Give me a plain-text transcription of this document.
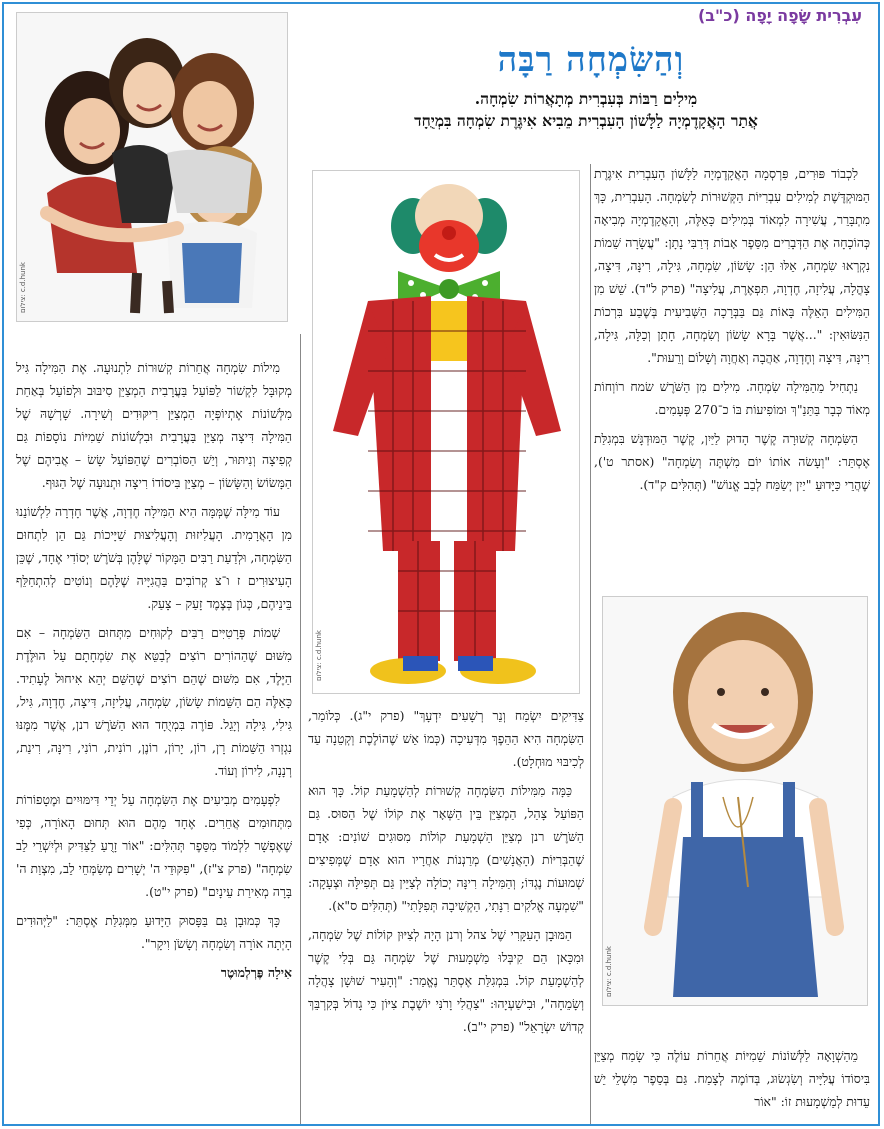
עִבְרִית שָׂפָה יָפָה (כ"ב)
וְהַשִּׂמְחָה רַבָּה
מִילִים רַבּוֹת בְּעִבְרִית מְתָאֲרוֹת שִׂמְחָה.
אֲתַר הָאֲקָדֶמְיָה לַלָּשׁוֹן הָעִבְרִית מֵבִיא אִיגֶּרֶת שִׂמְחָה בִּמְיֻחָד
צילום: c.d.hunk
צילום: c.d.hunk
צילום: c.d.hunk

לִכְבוֹד פּוּרִים, פִּרְסְמָה הָאֲקָדֶמְיָה לַלָּשׁוֹן הָעִבְרִית אִיגֶּרֶת הַמּוּקְדֶּשֶׁת לְמִילִים עִבְרִיּוֹת הַקְּשׁוּרוֹת לְשִׂמְחָה. הָעִבְרִית, כָּךְ מִתְבָּרֵר, עֲשִׁירָה לִמְאוֹד בְּמִילִים כָּאֵלֶּה, וְהָאֲקָדֶמְיָה מְבִיאָה כְּהוֹכָחָה אֶת הַדְּבָרִים מִסֵּפֶר אָבוֹת דְּרַבִּי נָתָן: "עֲשָׂרָה שֵׁמוֹת נִקְרְאוּ שִׂמְחָה, אֵלּוּ הֵן: שָׂשׂוֹן, שִׂמְחָה, גִּילָה, רִינָּה, דִּיצָה, צָהֳלָה, עֲלִיזָה, חֶדְוָה, תִּפְאֶרֶת, עֲלִיצָה" (פרק ל"ד). שֵׁשׁ מִן הַמִּילִים הָאֵלֶּה בָּאוֹת גַּם בַּבְּרָכָה הַשְּׁבִיעִית בְּשֶׁבַע בִּרְכוֹת הַנִּשּׂוּאִין: "...אֲשֶׁר בָּרָא שָׂשׂוֹן וְשִׂמְחָה, חָתָן וְכַלָּה, גִּילָה, רִינָּה, דִּיצָה וְחֶדְוָה, אַהֲבָה וְאַחֲוָה וְשָׁלוֹם וְרֵעוּת".

נַתְחִיל מֵהַמִּילָה שִׂמְחָה. מִילִים מִן הַשֹּׁרֶשׁ שׂמח רוֹוְחוֹת מְאוֹד כְּבָר בַּתַּנַ"ךְ וּמוֹפִיעוֹת בּוֹ כ־270 פְּעָמִים.

הַשִּׂמְחָה קְשׁוּרָה קֶשֶׁר הָדוּק לַיַּיִן, קֶשֶׁר הַמּוּדְגָּשׁ בִּמְגִלַּת אֶסְתֵּר: "וְעָשׂה אוֹתוֹ יוֹם מִשְׁתֶּה וְשִׂמְחָה" (אסתר ט'), שֶׁהֲרֵי כַּיָּדוּעַ "יַיִן יְשַׂמַּח לְבַב אֱנוֹשׁ" (תְּהִלִּים ק"ד).

מֵהַשְׁוָאָה לַלְּשׁוֹנוֹת שֵׁמִיּוֹת אֲחֵרוֹת עוֹלֶה כִּי שָׂמַח מְצַיֵּן בִּיסוֹדוֹ עֲלִיָּיה וְשִׂגְשׂוּג, בְּדוֹמֶה לְצָמַח. גַּם בְּסֵפֶר מִשְׁלֵי יֵשׁ עֵדוּת לְמַשְׁמָעוּת זוֹ: "אוֹר

צַדִּיקִים יִשְׂמַח וְנֵר רְשָׁעִים יִדְעָךְ" (פרק י"ג). כְּלוֹמַר, הַשִּׂמְחָה הִיא הַהֵפֶךְ מִדְּעִיכָה (כְּמוֹ אֵשׁ שֶׁהוֹלֶכֶת וְקְטֵנָה עַד לְכִיבּוּי מוּחְלָט).

כַּמָּה מִמִּילוֹת הַשִּׂמְחָה קְשׁוּרוֹת לְהַשְׁמָעַת קוֹל. כָּךְ הוּא הַפּוֹעַל צָהַל, הַמְצַיֵּן בֵּין הַשְּׁאָר אֶת קוֹלוֹ שֶׁל הַסּוּס. גַּם הַשֹּׁרֶשׁ רנן מְצַיֵּן הַשְׁמָעַת קוֹלוֹת מִסּוּגִים שׁוֹנִים: אָדָם שֶׁהַבְּרִיּוֹת (הָאֲנָשִׁים) מְרַנְנוֹת אַחֲרָיו הוּא אָדָם שֶׁמְּפִיצִים שְׁמוּעוֹת נֶגְדּוֹ; וְהַמִּילָה רִינָּה יְכוֹלָה לְצַיֵּין גַּם תְּפִילָּה וּצְעָקָה: "שִׁמְעָה אֱלֹקִים רִנָּתִי, הַקְשִׁיבָה תְּפִלָּתִי" (תְּהִלִּים ס"א).

הַמּוּבָן הָעִקָּרִי שֶׁל צהל וְרנן הָיָה לְצִיּוּן קוֹלוֹת שֶׁל שִׂמְחָה, וּמִכָּאן הֵם קִיבְּלוּ מַשְׁמָעוּת שֶׁל שִׂמְחָה גַּם בְּלִי קֶשֶׁר לְהַשְׁמָעַת קוֹל. בִּמְגִלַּת אֶסְתֵּר נֶאֱמַר: "וְהָעִיר שׁוּשָׁן צָהֲלָה וְשָׂמֵחָה", וּבִישַׁעְיָהוּ: "צַהֲלִי וָרֹנִּי יוֹשֶׁבֶת צִיּוֹן כִּי גָדוֹל בְּקִרְבֵּךְ קְדוֹשׁ יִשְׂרָאֵל" (פרק י"ב).

מִילוֹת שִׂמְחָה אֲחֵרוֹת קְשׁוּרוֹת לִתְנוּעָה. אֶת הַמִּילָה גִּיל מְקוּבָּל לִקְשׁוֹר לַפּוֹעַל בַּעֲרָבִית הַמְצַיֵּן סִיבּוּב וּלְפוֹעַל בְּאַחַת מִלְּשׁוֹנוֹת אֶתְיוֹפְּיָה הַמְצַיֵּן רִיקּוּדִים וְשִׁירָה. שָׁרְשָׁהּ שֶׁל הַמִּילָה דִּיצָה מְצַיֵּן בַּעֲרָבִית וּבִלְשׁוֹנוֹת שֵׁמִיּוֹת נוֹסָפוֹת גַּם קְפִיצָה וְנִיתּוּר, וְיֵשׁ הַסּוֹבְרִים שֶׁהַפּוֹעַל שָׂשׂ – אֲבִיהֶם שֶׁל הַמָּשׂוֹשׂ וְהַשָּׂשׂוֹן – מְצַיֵּן בִּיסוֹדוֹ רִיצָה וּתְנוּעָה שֶׁל הַגּוּף.

עוֹד מִילָּה שֶׁמְּמָּה הִיא הַמִּילָה חֶדְוָה, אֲשֶׁר חָדְרָה לִלְשׁוֹנֵנוּ מִן הָאֲרָמִית. הָעֲלִיזוּת וְהָעֲלִיצוּת שַׁיָּיכוֹת גַּם הֵן לִתְחוּם הַשִּׂמְחָה, וּלְדַעַת רַבִּים הַמָּקוֹר שֶׁלָּהֶן בְּשֹׁרֶשׁ יְסוֹדִי אֶחָד, שֶׁכֵּן הָעִיצוּרִים ז ו־צ קְרוֹבִים בַּהֲגִיָּיה שֶׁלָּהֶם וְנוֹטִים לְהִתְחַלֵּף בֵּינֵיהֶם, כְּגוֹן בְּצֶמֶד זָעַק – צָעַק.

שְׁמוֹת פְּרָטִיִּים רַבִּים לְקוּחִים מִתְּחוּם הַשִּׂמְחָה – אִם מִשּׁוּם שֶׁהַהוֹרִים רוֹצִים לְבַטֵּא אֶת שִׂמְחָתָם עַל הוּלֶּדֶת הַיֶּלֶד, אִם מִשּׁוּם שֶׁהֵם רוֹצִים שֶׁהַשֵּׁם יְהֵא אִיחוּל לֶעָתִיד. כָּאֵלֶּה הֵם הַשֵּׁמוֹת שָׂשׂוֹן, שִׂמְחָה, עֲלִיזָה, דִּיצָה, חֶדְוָה, גִּיל, גִּילִי, גִּילָה וְיָגֵל. פּוֹרֶה בִּמְיֻחָד הוּא הַשֹּׁרֶשׁ רנן, אֲשֶׁר מִמֶּנּוּ נִגְזְרוּ הַשֵּׁמוֹת רָן, רוֹן, יָרוֹן, רוֹנֶן, רוֹנִית, רוֹנִי, רִינָּה, רִינַת, רְנָנָה, לִירוֹן וְעוֹד.

לִפְעָמִים מְבִיעִים אֶת הַשִּׂמְחָה עַל יְדֵי דִּימּוּיִים וּמֶטָפוֹרוֹת מִתְּחוּמִים אֲחֵרִים. אֶחָד מֵהֶם הוּא תְּחוּם הָאוֹרָה, כְּפִי שֶׁאֶפְשָׁר לִלְמוֹד מִסֵּפֶר תְּהִלִּים: "אוֹר זָרֻעַ לַצַּדִּיק וּלְיִשְׁרֵי לֵב שִׂמְחָה" (פרק צ"ז), "פִּקּוּדֵי ה' יְשָׁרִים מְשַׂמְּחֵי לֵב, מִצְוַת ה' בָּרָה מְאִירַת עֵינָיִם" (פרק י"ט).

כָּךְ כְּמוּבָן גַּם בַּפָּסוּק הַיָּדוּעַ מִמְּגִלַּת אֶסְתֵּר: "לַיְּהוּדִים הָיְתָה אוֹרָה וְשִׂמְחָה וְשָׂשֹׂן וִיקָר".

אִילָה פֶּרְלְמוּטֶר
